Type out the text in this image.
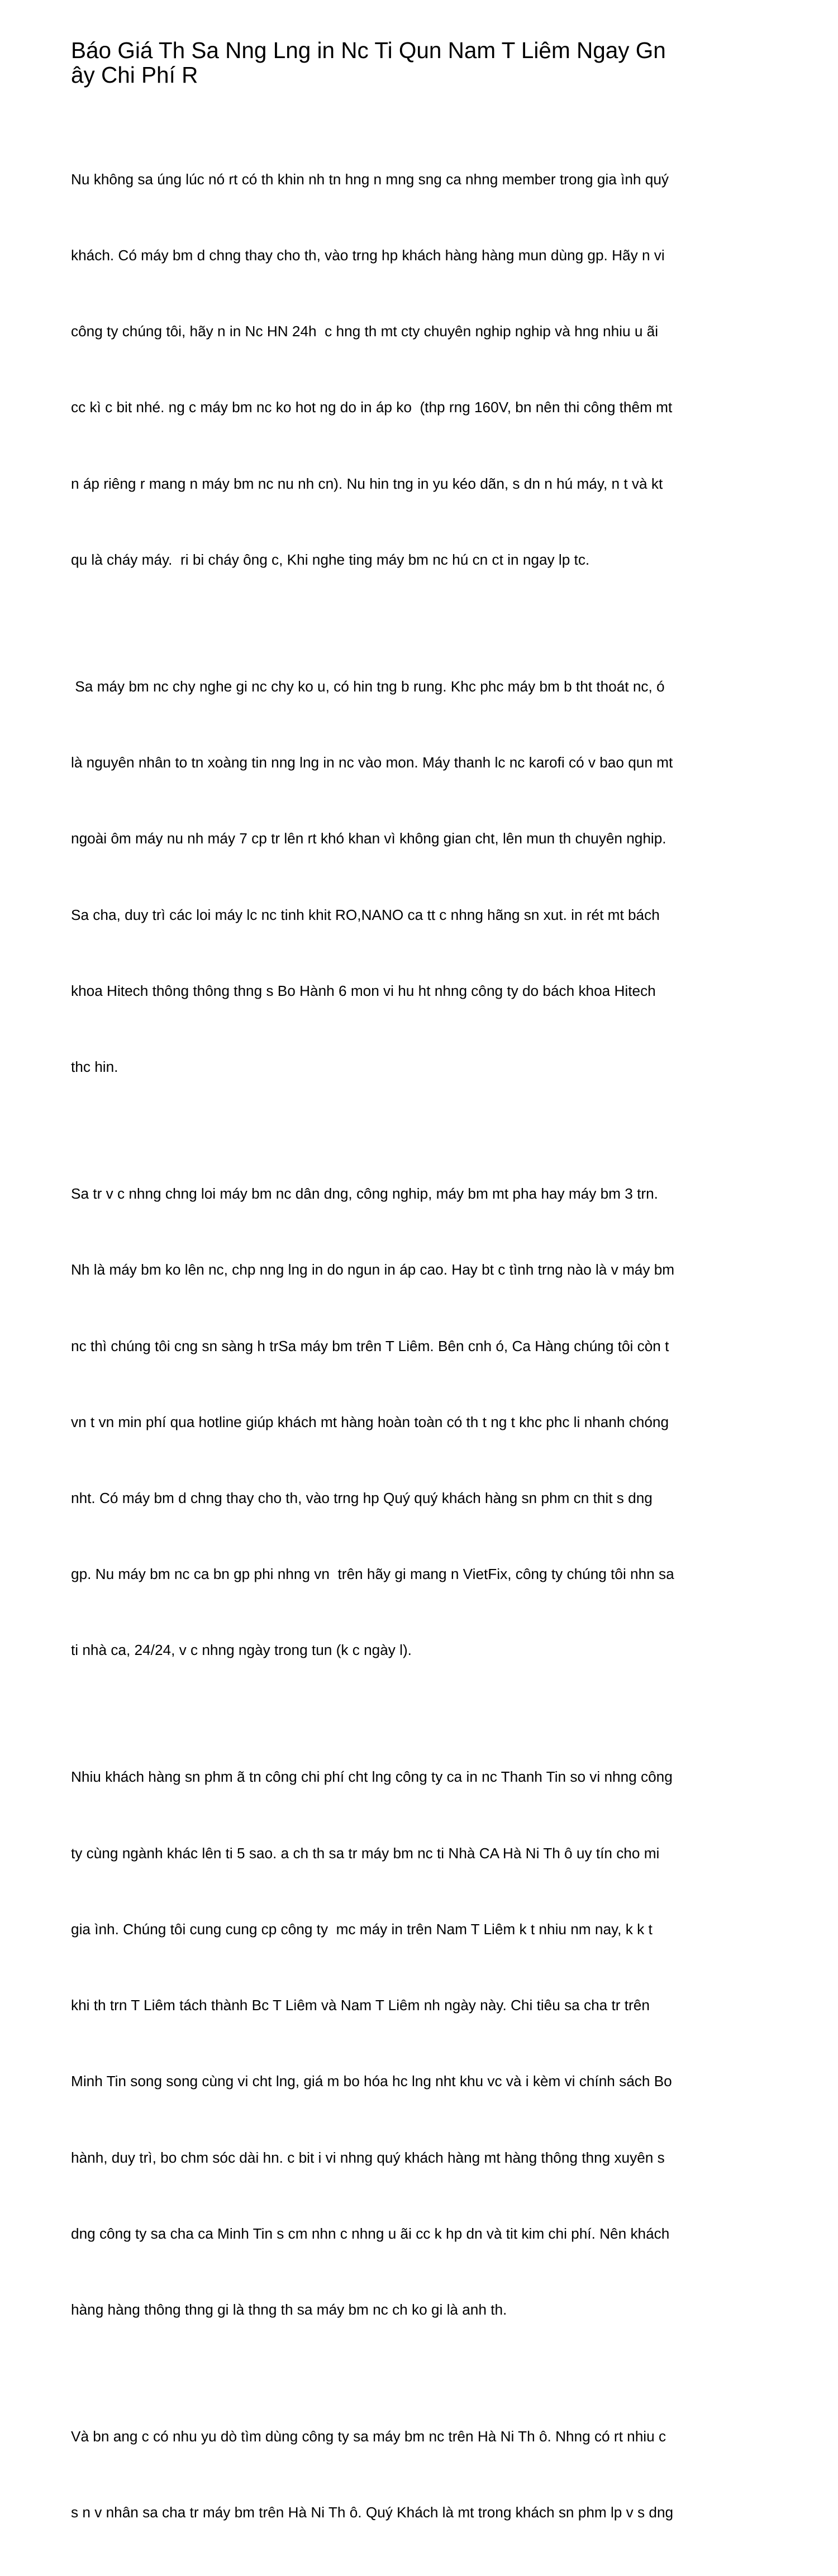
Báo Giá Th Sa Nng Lng in Nc Ti Qun Nam T Liêm Ngay Gn
ây Chi Phí R

Nu không sa úng lúc nó rt có th khin nh tn hng n mng sng ca nhng member trong gia ình quý

khách. Có máy bm d chng thay cho th, vào trng hp khách hàng hàng mun dùng gp. Hãy n vi

công ty chúng tôi, hãy n in Nc HN 24h  c hng th mt cty chuyên nghip nghip và hng nhiu u ãi

cc kì c bit nhé. ng c máy bm nc ko hot ng do in áp ko  (thp rng 160V, bn nên thi công thêm mt

n áp riêng r mang n máy bm nc nu nh cn). Nu hin tng in yu kéo dãn, s dn n hú máy, n t và kt

qu là cháy máy.  ri bi cháy ông c, Khi nghe ting máy bm nc hú cn ct in ngay lp tc.

Sa máy bm nc chy nghe gi nc chy ko u, có hin tng b rung. Khc phc máy bm b tht thoát nc, ó

là nguyên nhân to tn xoàng tin nng lng in nc vào mon. Máy thanh lc nc karofi có v bao qun mt

ngoài ôm máy nu nh máy 7 cp tr lên rt khó khan vì không gian cht, lên mun th chuyên nghip.

Sa cha, duy trì các loi máy lc nc tinh khit RO,NANO ca tt c nhng hãng sn xut. in rét mt bách

khoa Hitech thông thông thng s Bo Hành 6 mon vi hu ht nhng công ty do bách khoa Hitech

thc hin.

Sa tr v c nhng chng loi máy bm nc dân dng, công nghip, máy bm mt pha hay máy bm 3 trn.

Nh là máy bm ko lên nc, chp nng lng in do ngun in áp cao. Hay bt c tình trng nào là v máy bm

nc thì chúng tôi cng sn sàng h trSa máy bm trên T Liêm. Bên cnh ó, Ca Hàng chúng tôi còn t

vn t vn min phí qua hotline giúp khách mt hàng hoàn toàn có th t ng t khc phc li nhanh chóng

nht. Có máy bm d chng thay cho th, vào trng hp Quý quý khách hàng sn phm cn thit s dng

gp. Nu máy bm nc ca bn gp phi nhng vn  trên hãy gi mang n VietFix, công ty chúng tôi nhn sa

ti nhà ca, 24/24, v c nhng ngày trong tun (k c ngày l).

Nhiu khách hàng sn phm ã tn công chi phí cht lng công ty ca in nc Thanh Tin so vi nhng công

ty cùng ngành khác lên ti 5 sao. a ch th sa tr máy bm nc ti Nhà CA Hà Ni Th ô uy tín cho mi

gia ình. Chúng tôi cung cung cp công ty  mc máy in trên Nam T Liêm k t nhiu nm nay, k k t

khi th trn T Liêm tách thành Bc T Liêm và Nam T Liêm nh ngày này. Chi tiêu sa cha tr trên

Minh Tin song song cùng vi cht lng, giá m bo hóa hc lng nht khu vc và i kèm vi chính sách Bo

hành, duy trì, bo chm sóc dài hn. c bit i vi nhng quý khách hàng mt hàng thông thng xuyên s

dng công ty sa cha ca Minh Tin s cm nhn c nhng u ãi cc k hp dn và tit kim chi phí. Nên khách

hàng hàng thông thng gi là thng th sa máy bm nc ch ko gi là anh th.

Và bn ang c có nhu yu dò tìm dùng công ty sa máy bm nc trên Hà Ni Th ô. Nhng có rt nhiu c

s n v nhân sa cha tr máy bm trên Hà Ni Th ô. Quý Khách là mt trong khách sn phm lp v s dng
